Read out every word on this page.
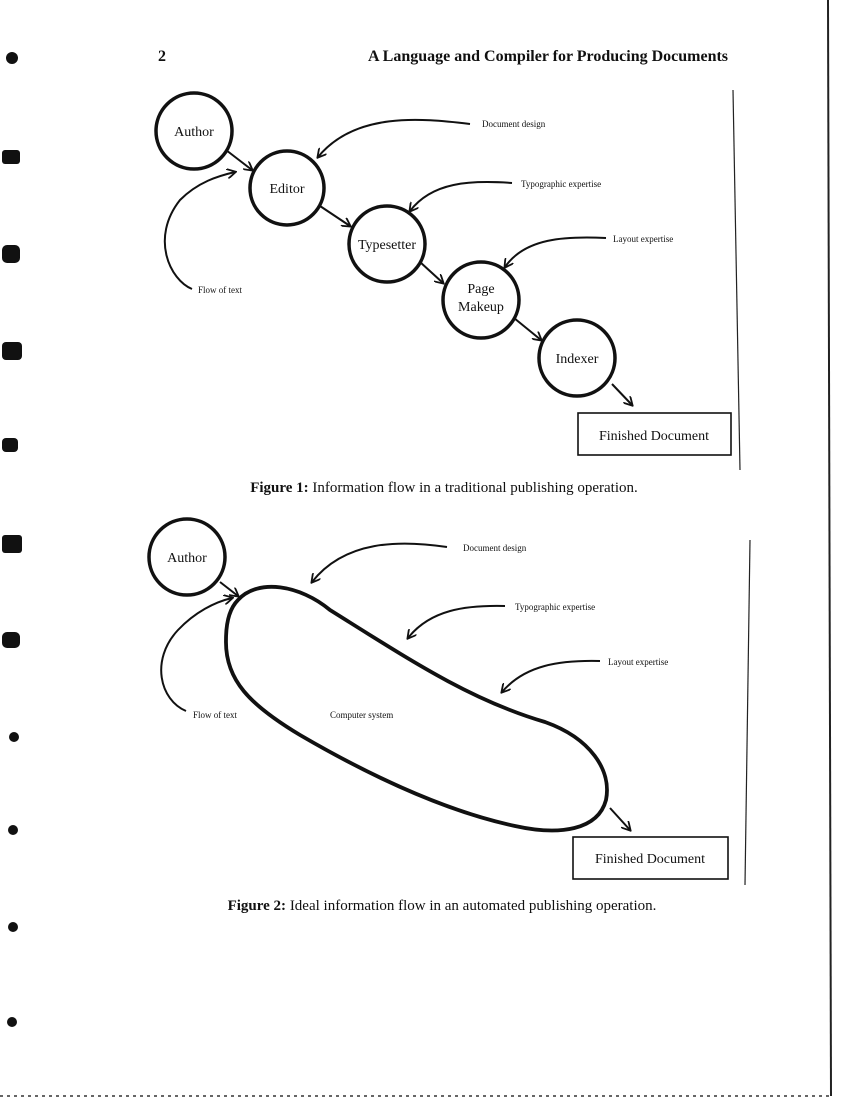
2	A Language and Compiler for Producing Documents
Author
Editor
Typesetter
Page
Makeup
Indexer
Finished Document
Document design
Typographic expertise
Layout expertise
Flow of text
Figure 1: Information flow in a traditional publishing operation.
Author
Computer system
Finished Document
Document design
Typographic expertise
Layout expertise
Flow of text
Figure 2: Ideal information flow in an automated publishing operation.
